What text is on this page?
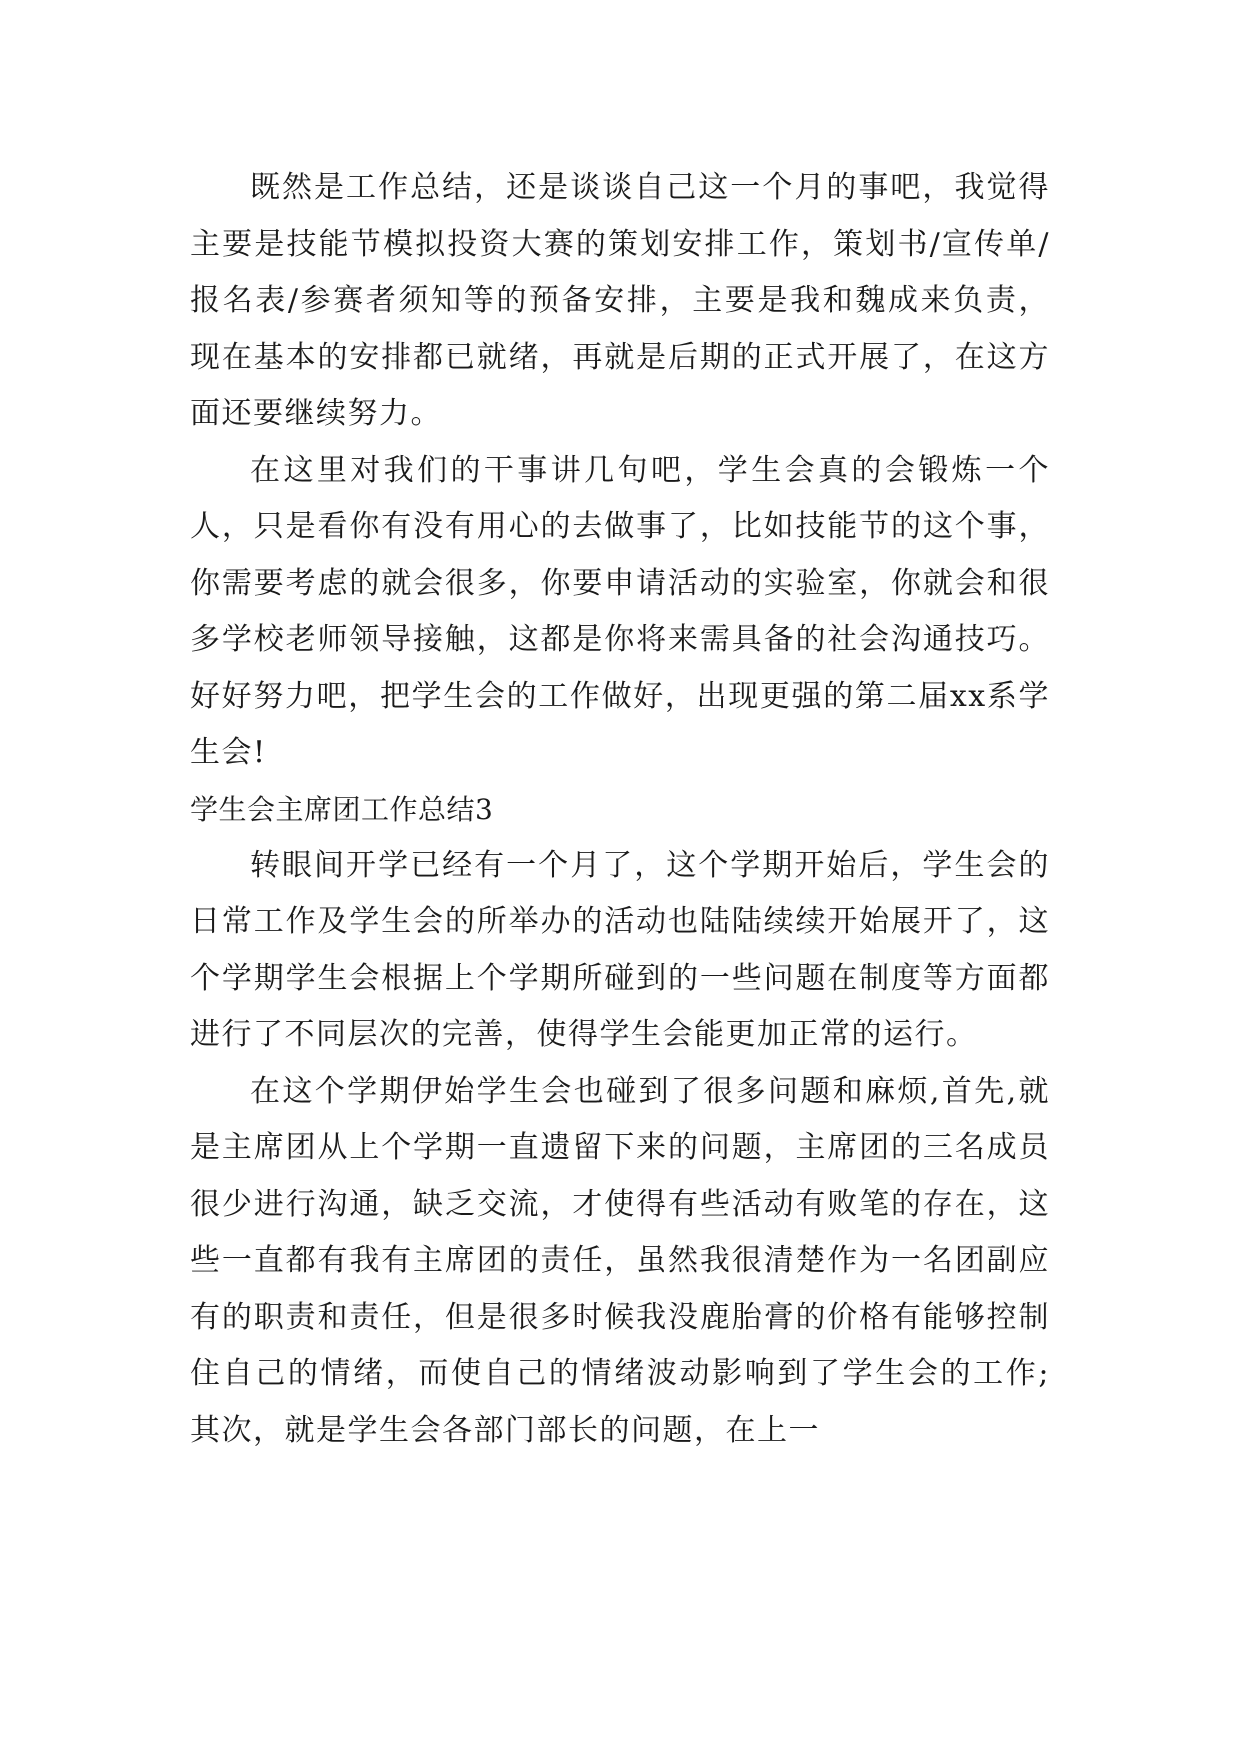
既然是工作总结，还是谈谈自己这一个月的事吧，我觉得主要是技能节模拟投资大赛的策划安排工作，策划书/宣传单/报名表/参赛者须知等的预备安排，主要是我和魏成来负责，现在基本的安排都已就绪，再就是后期的正式开展了，在这方面还要继续努力。

在这里对我们的干事讲几句吧，学生会真的会锻炼一个人，只是看你有没有用心的去做事了，比如技能节的这个事，你需要考虑的就会很多，你要申请活动的实验室，你就会和很多学校老师领导接触，这都是你将来需具备的社会沟通技巧。好好努力吧，把学生会的工作做好，出现更强的第二届xx系学生会!

学生会主席团工作总结3

转眼间开学已经有一个月了，这个学期开始后，学生会的日常工作及学生会的所举办的活动也陆陆续续开始展开了，这个学期学生会根据上个学期所碰到的一些问题在制度等方面都进行了不同层次的完善，使得学生会能更加正常的运行。

在这个学期伊始学生会也碰到了很多问题和麻烦,首先,就是主席团从上个学期一直遗留下来的问题，主席团的三名成员很少进行沟通，缺乏交流，才使得有些活动有败笔的存在，这些一直都有我有主席团的责任，虽然我很清楚作为一名团副应有的职责和责任，但是很多时候我没鹿胎膏的价格有能够控制住自己的情绪，而使自己的情绪波动影响到了学生会的工作;其次，就是学生会各部门部长的问题，在上一
